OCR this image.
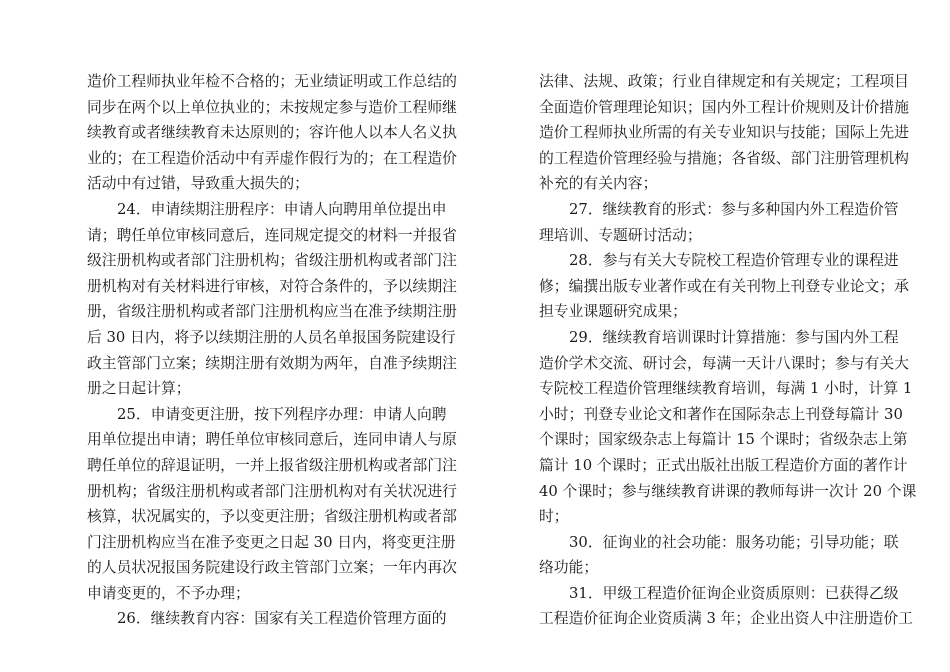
造价工程师执业年检不合格的；无业绩证明或工作总结的
同步在两个以上单位执业的；未按规定参与造价工程师继
续教育或者继续教育未达原则的；容许他人以本人名义执
业的；在工程造价活动中有弄虚作假行为的；在工程造价
活动中有过错，导致重大损失的；
24．申请续期注册程序：申请人向聘用单位提出申
请；聘任单位审核同意后，连同规定提交的材料一并报省
级注册机构或者部门注册机构；省级注册机构或者部门注
册机构对有关材料进行审核，对符合条件的，予以续期注
册，省级注册机构或者部门注册机构应当在准予续期注册
后 30 日内，将予以续期注册的人员名单报国务院建设行
政主管部门立案；续期注册有效期为两年，自准予续期注
册之日起计算；
25．申请变更注册，按下列程序办理：申请人向聘
用单位提出申请；聘任单位审核同意后，连同申请人与原
聘任单位的辞退证明，一并上报省级注册机构或者部门注
册机构；省级注册机构或者部门注册机构对有关状况进行
核算，状况属实的，予以变更注册；省级注册机构或者部
门注册机构应当在准予变更之日起 30 日内，将变更注册
的人员状况报国务院建设行政主管部门立案；一年内再次
申请变更的，不予办理；
26．继续教育内容：国家有关工程造价管理方面的
法律、法规、政策；行业自律规定和有关规定；工程项目
全面造价管理理论知识；国内外工程计价规则及计价措施
造价工程师执业所需的有关专业知识与技能；国际上先进
的工程造价管理经验与措施；各省级、部门注册管理机构
补充的有关内容；
27．继续教育的形式：参与多种国内外工程造价管
理培训、专题研讨活动；
28．参与有关大专院校工程造价管理专业的课程进
修；编撰出版专业著作或在有关刊物上刊登专业论文；承
担专业课题研究成果；
29．继续教育培训课时计算措施：参与国内外工程
造价学术交流、研讨会，每满一天计八课时；参与有关大
专院校工程造价管理继续教育培训，每满 1 小时，计算 1
小时；刊登专业论文和著作在国际杂志上刊登每篇计 30
个课时；国家级杂志上每篇计 15 个课时；省级杂志上第
篇计 10 个课时；正式出版社出版工程造价方面的著作计
40 个课时；参与继续教育讲课的教师每讲一次计 20 个课
时；
30．征询业的社会功能：服务功能；引导功能；联
络功能；
31．甲级工程造价征询企业资质原则：已获得乙级
工程造价征询企业资质满 3 年；企业出资人中注册造价工
